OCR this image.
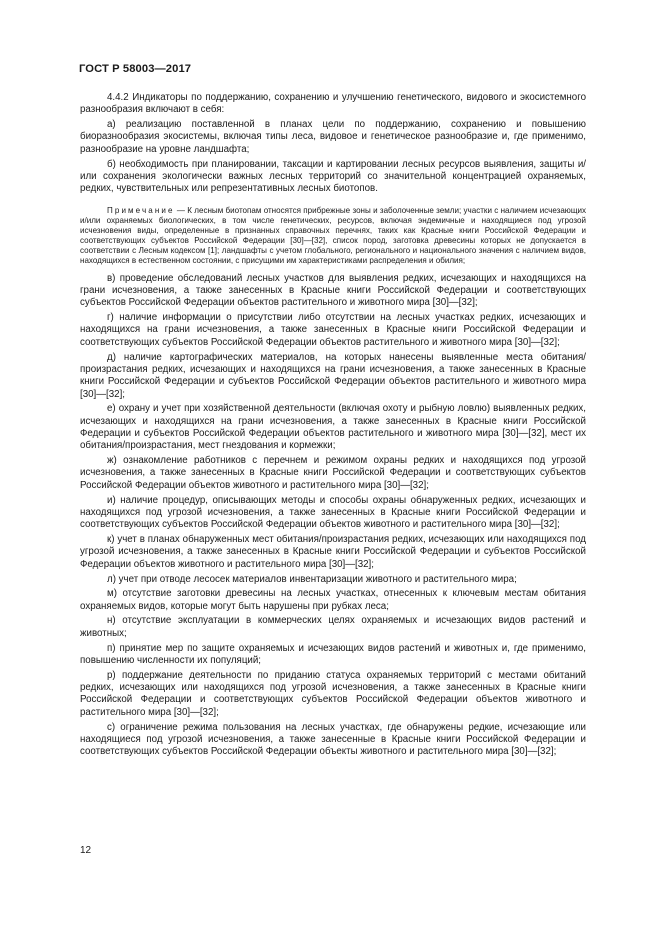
ГОСТ Р 58003—2017

4.4.2 Индикаторы по поддержанию, сохранению и улучшению генетического, видового и экосистемного разнообразия включают в себя:

а) реализацию поставленной в планах цели по поддержанию, сохранению и повышению биоразнообразия экосистемы, включая типы леса, видовое и генетическое разнообразие и, где применимо, разнообразие на уровне ландшафта;

б) необходимость при планировании, таксации и картировании лесных ресурсов выявления, защиты и/или сохранения экологически важных лесных территорий со значительной концентрацией охраняемых, редких, чувствительных или репрезентативных лесных биотопов.

Примечание — К лесным биотопам относятся прибрежные зоны и заболоченные земли; участки с наличием исчезающих и/или охраняемых биологических, в том числе генетических, ресурсов, включая эндемичные и находящиеся под угрозой исчезновения виды, определенные в признанных справочных перечнях, таких как Красные книги Российской Федерации и соответствующих субъектов Российской Федерации [30]—[32], список пород, заготовка древесины которых не допускается в соответствии с Лесным кодексом [1]; ландшафты с учетом глобального, регионального и национального значения с наличием видов, находящихся в естественном состоянии, с присущими им характеристиками распределения и обилия;

в) проведение обследований лесных участков для выявления редких, исчезающих и находящихся на грани исчезновения, а также занесенных в Красные книги Российской Федерации и соответствующих субъектов Российской Федерации объектов растительного и животного мира [30]—[32];

г) наличие информации о присутствии либо отсутствии на лесных участках редких, исчезающих и находящихся на грани исчезновения, а также занесенных в Красные книги Российской Федерации и соответствующих субъектов Российской Федерации объектов растительного и животного мира [30]—[32];

д) наличие картографических материалов, на которых нанесены выявленные места обитания/произрастания редких, исчезающих и находящихся на грани исчезновения, а также занесенных в Красные книги Российской Федерации и субъектов Российской Федерации объектов растительного и животного мира [30]—[32];

е) охрану и учет при хозяйственной деятельности (включая охоту и рыбную ловлю) выявленных редких, исчезающих и находящихся на грани исчезновения, а также занесенных в Красные книги Российской Федерации и субъектов Российской Федерации объектов растительного и животного мира [30]—[32], мест их обитания/произрастания, мест гнездования и кормежки;

ж) ознакомление работников с перечнем и режимом охраны редких и находящихся под угрозой исчезновения, а также занесенных в Красные книги Российской Федерации и соответствующих субъектов Российской Федерации объектов животного и растительного мира [30]—[32];

и) наличие процедур, описывающих методы и способы охраны обнаруженных редких, исчезающих и находящихся под угрозой исчезновения, а также занесенных в Красные книги Российской Федерации и соответствующих субъектов Российской Федерации объектов животного и растительного мира [30]—[32];

к) учет в планах обнаруженных мест обитания/произрастания редких, исчезающих или находящихся под угрозой исчезновения, а также занесенных в Красные книги Российской Федерации и субъектов Российской Федерации объектов животного и растительного мира [30]—[32];

л) учет при отводе лесосек материалов инвентаризации животного и растительного мира;

м) отсутствие заготовки древесины на лесных участках, отнесенных к ключевым местам обитания охраняемых видов, которые могут быть нарушены при рубках леса;

н) отсутствие эксплуатации в коммерческих целях охраняемых и исчезающих видов растений и животных;

п) принятие мер по защите охраняемых и исчезающих видов растений и животных и, где применимо, повышению численности их популяций;

р) поддержание деятельности по приданию статуса охраняемых территорий с местами обитаний редких, исчезающих или находящихся под угрозой исчезновения, а также занесенных в Красные книги Российской Федерации и соответствующих субъектов Российской Федерации объектов животного и растительного мира [30]—[32];

с) ограничение режима пользования на лесных участках, где обнаружены редкие, исчезающие или находящиеся под угрозой исчезновения, а также занесенные в Красные книги Российской Федерации и соответствующих субъектов Российской Федерации объекты животного и растительного мира [30]—[32];

12
